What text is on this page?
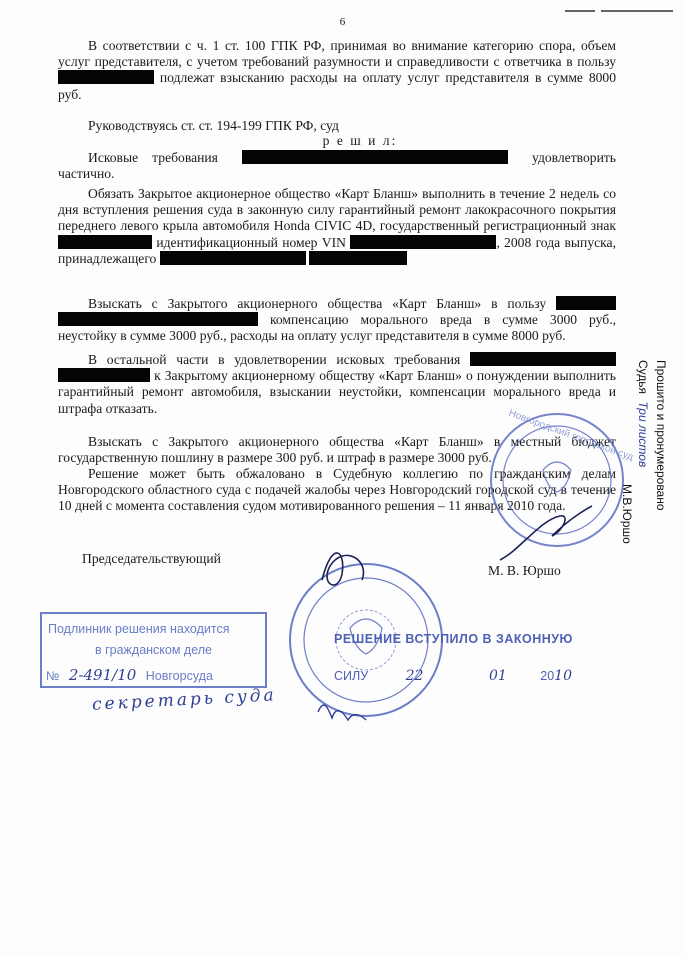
6

В соответствии с ч. 1 ст. 100 ГПК РФ, принимая во внимание категорию спора, объем услуг представителя, с учетом требований разумности и справедливости с ответчика в пользу  подлежат взысканию расходы на оплату услуг представителя в сумме 8000 руб.

Руководствуясь ст. ст. 194-199 ГПК РФ, суд

р е ш и л:

Исковые требования	удовлетворить частично.

Обязать Закрытое акционерное общество «Карт Бланш» выполнить в течение 2 недель со дня вступления решения суда в законную силу гарантийный ремонт лакокрасочного покрытия переднего левого крыла автомобиля Honda CIVIC 4D, государственный регистрационный знак  идентификационный номер VIN	, 2008 года выпуска, принадлежащего

Взыскать с Закрытого акционерного общества «Карт Бланш» в пользу   компенсацию морального вреда в сумме 3000 руб., неустойку в сумме 3000 руб., расходы на оплату услуг представителя в сумме 8000 руб.

В остальной части в удовлетворении исковых требования   к Закрытому акционерному обществу «Карт Бланш» о понуждении выполнить гарантийный ремонт автомобиля, взыскании неустойки, компенсации морального вреда и штрафа отказать.

Взыскать с Закрытого акционерного общества «Карт Бланш» в местный бюджет государственную пошлину в размере 300 руб. и штраф в размере 3000 руб.

Решение может быть обжаловано в Судебную коллегию по гражданским делам Новгородского областного суда с подачей жалобы через Новгородский городской суд в течение 10 дней с момента составления судом мотивированного решения – 11 января 2010 года.

Председательствующий
М. В. Юршо
Прошито и пронумеровано
Судья Три листов
М.В.Юршо
Подлинник решения находится
в гражданском деле
№ 2-491/10 Новгорсуда
секретарь суда
РЕШЕНИЕ ВСТУПИЛО В ЗАКОННУЮ
СИЛУ	22	01	2010
Новгородский городской суд
